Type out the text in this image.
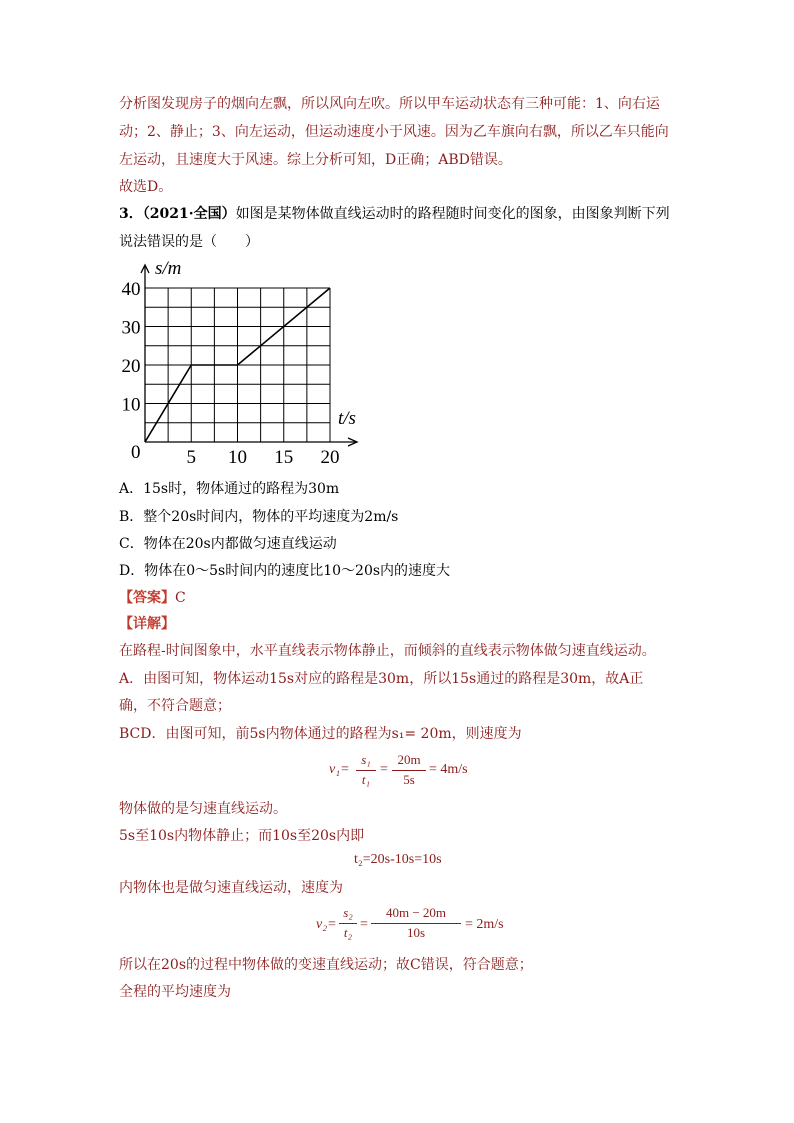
分析图发现房子的烟向左飘，所以风向左吹。所以甲车运动状态有三种可能：1、向右运
动；2、静止；3、向左运动，但运动速度小于风速。因为乙车旗向右飘，所以乙车只能向
左运动，且速度大于风速。综上分析可知，D正确；ABD错误。
故选D。
3．（2021·全国）如图是某物体做直线运动时的路程随时间变化的图象，由图象判断下列
说法错误的是（　　）
s/m
t/s
0 5 10 15 20
10
20
30
40
A．15s时，物体通过的路程为30m
B．整个20s时间内，物体的平均速度为2m/s
C．物体在20s内都做匀速直线运动
D．物体在0～5s时间内的速度比10～20s内的速度大
【答案】C
【详解】
在路程-时间图象中，水平直线表示物体静止，而倾斜的直线表示物体做匀速直线运动。
A．由图可知，物体运动15s对应的路程是30m，所以15s通过的路程是30m，故A正
确，不符合题意；
BCD．由图可知，前5s内物体通过的路程为s₁= 20m，则速度为
v₁=
s₁
t₁
=
20m
5s
= 4m/s
物体做的是匀速直线运动。
5s至10s内物体静止；而10s至20s内即
t₂=20s-10s=10s
内物体也是做匀速直线运动，速度为
v₂=
s₂
t₂
=
40m − 20m
10s
= 2m/s
所以在20s的过程中物体做的变速直线运动；故C错误，符合题意；
全程的平均速度为
